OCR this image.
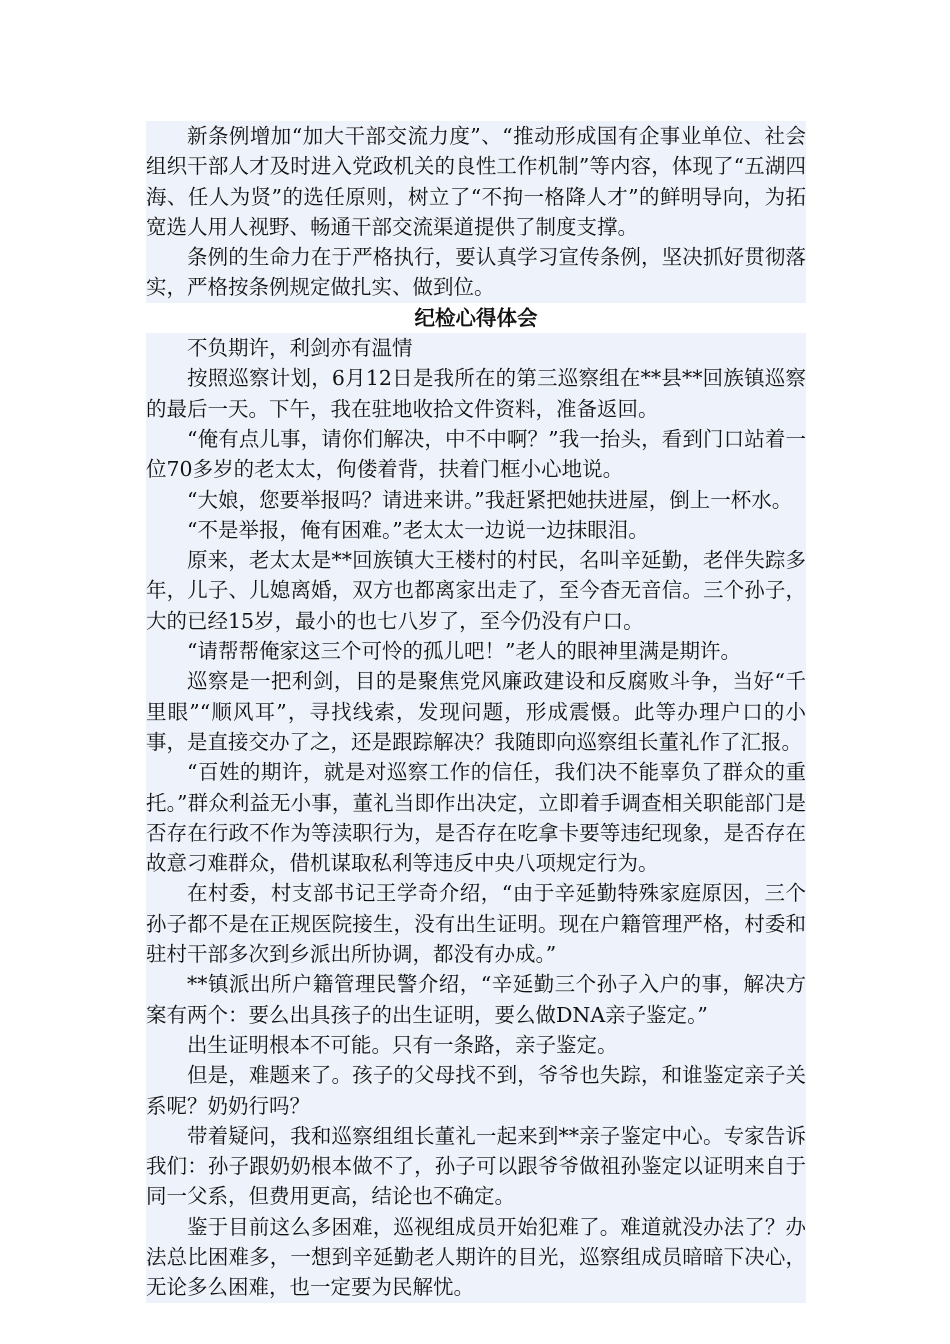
新条例增加“加大干部交流力度”、“推动形成国有企事业单位、社会组织干部人才及时进入党政机关的良性工作机制”等内容，体现了“五湖四海、任人为贤”的选任原则，树立了“不拘一格降人才”的鲜明导向，为拓宽选人用人视野、畅通干部交流渠道提供了制度支撑。

条例的生命力在于严格执行，要认真学习宣传条例，坚决抓好贯彻落实，严格按条例规定做扎实、做到位。

纪检心得体会

不负期许，利剑亦有温情

按照巡察计划，6月12日是我所在的第三巡察组在**县**回族镇巡察的最后一天。下午，我在驻地收拾文件资料，准备返回。

“俺有点儿事，请你们解决，中不中啊？”我一抬头，看到门口站着一位70多岁的老太太，佝偻着背，扶着门框小心地说。

“大娘，您要举报吗？请进来讲。”我赶紧把她扶进屋，倒上一杯水。

“不是举报，俺有困难。”老太太一边说一边抹眼泪。

原来，老太太是**回族镇大王楼村的村民，名叫辛延勤，老伴失踪多年，儿子、儿媳离婚，双方也都离家出走了，至今杳无音信。三个孙子，大的已经15岁，最小的也七八岁了，至今仍没有户口。

“请帮帮俺家这三个可怜的孤儿吧！”老人的眼神里满是期许。

巡察是一把利剑，目的是聚焦党风廉政建设和反腐败斗争，当好“千里眼”“顺风耳”，寻找线索，发现问题，形成震慑。此等办理户口的小事，是直接交办了之，还是跟踪解决？我随即向巡察组长董礼作了汇报。

“百姓的期许，就是对巡察工作的信任，我们决不能辜负了群众的重托。”群众利益无小事，董礼当即作出决定，立即着手调查相关职能部门是否存在行政不作为等渎职行为，是否存在吃拿卡要等违纪现象，是否存在故意刁难群众，借机谋取私利等违反中央八项规定行为。

在村委，村支部书记王学奇介绍，“由于辛延勤特殊家庭原因，三个孙子都不是在正规医院接生，没有出生证明。现在户籍管理严格，村委和驻村干部多次到乡派出所协调，都没有办成。”

**镇派出所户籍管理民警介绍，“辛延勤三个孙子入户的事，解决方案有两个：要么出具孩子的出生证明，要么做DNA亲子鉴定。”

出生证明根本不可能。只有一条路，亲子鉴定。

但是，难题来了。孩子的父母找不到，爷爷也失踪，和谁鉴定亲子关系呢？奶奶行吗？

带着疑问，我和巡察组组长董礼一起来到**亲子鉴定中心。专家告诉我们：孙子跟奶奶根本做不了，孙子可以跟爷爷做祖孙鉴定以证明来自于同一父系，但费用更高，结论也不确定。

鉴于目前这么多困难，巡视组成员开始犯难了。难道就没办法了？办法总比困难多，一想到辛延勤老人期许的目光，巡察组成员暗暗下决心，无论多么困难，也一定要为民解忧。
